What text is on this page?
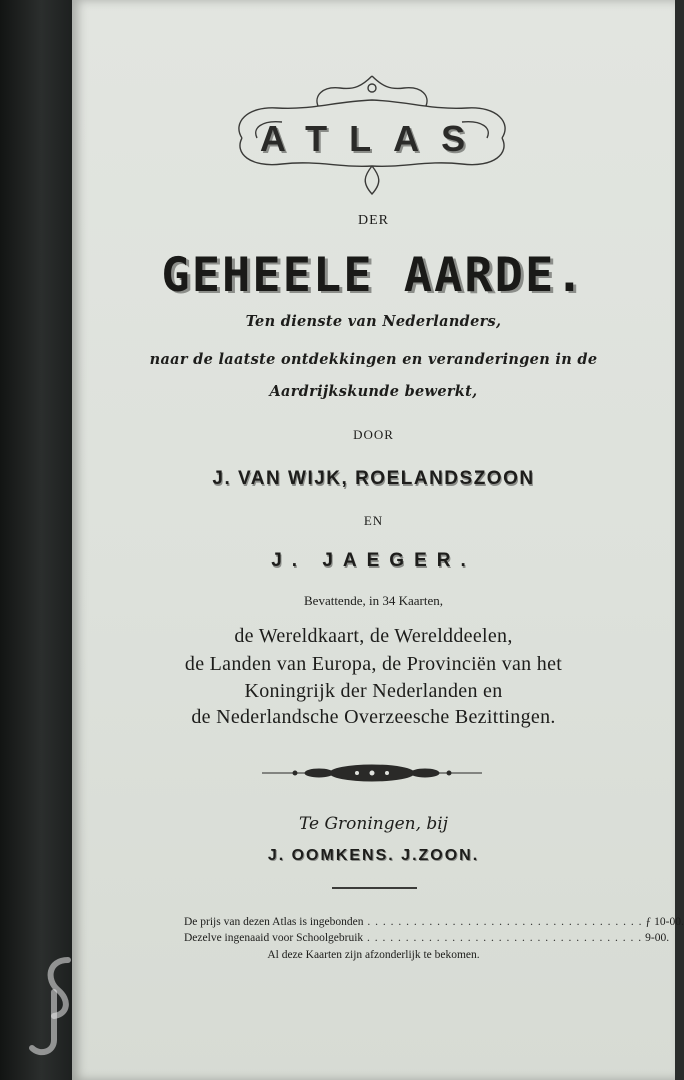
ATLAS
DER
GEHEELE AARDE.
Ten dienste van Nederlanders,
naar de laatste ontdekkingen en veranderingen in de
Aardrijkskunde bewerkt,
DOOR
J. VAN WIJK, ROELANDSZOON
EN
J. JAEGER.
Bevattende, in 34 Kaarten,
de Wereldkaart, de Werelddeelen,
de Landen van Europa, de Provinciën van het
Koningrijk der Nederlanden en
de Nederlandsche Overzeesche Bezittingen.
Te Groningen, bij
J. OOMKENS. J.ZOON.
De prijs van dezen Atlas is ingebonden . . . . . . . . . . . . . . . . . . . . . . . . . . . . . . . . . . . . ƒ 10-00.
Dezelve ingenaaid voor Schoolgebruik . . . . . . . . . . . . . . . . . . . . . . . . . . . . . . . . . . . . 9-00.
Al deze Kaarten zijn afzonderlijk te bekomen.
